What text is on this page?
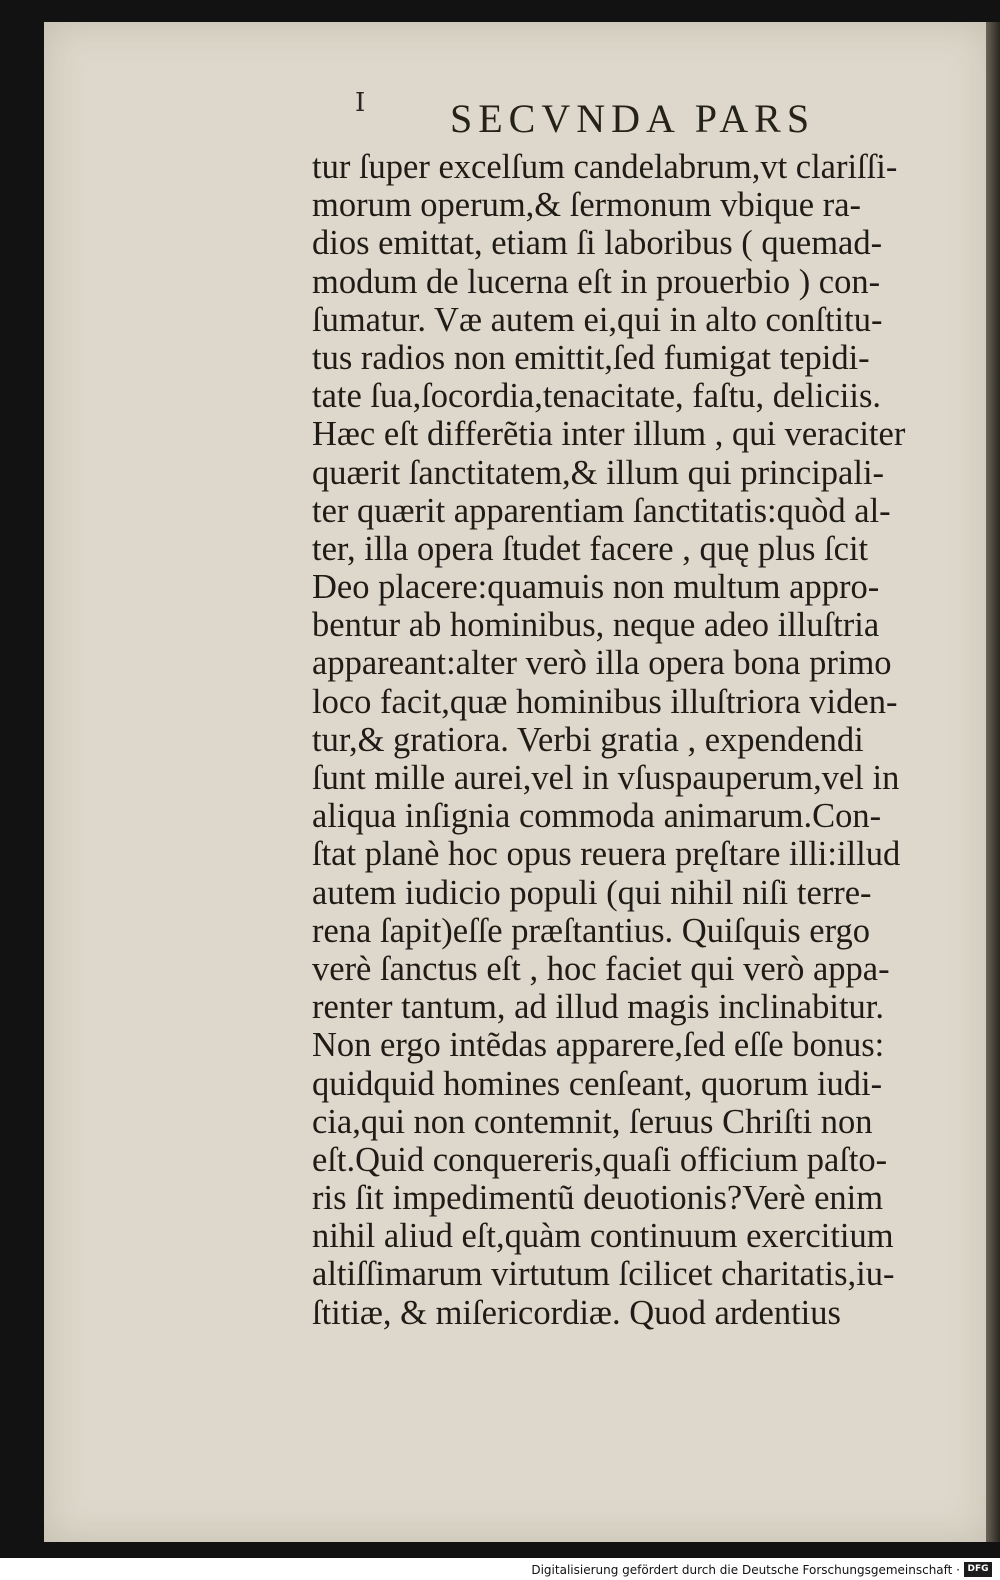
I SECVNDA PARS
tur ſuper excelſum candelabrum,vt clariſſi-
morum operum,& ſermonum vbique ra-
dios emittat, etiam ſi laboribus ( quemad-
modum de lucerna eſt in prouerbio ) con-
ſumatur. Væ autem ei,qui in alto conſtitu-
tus radios non emittit,ſed fumigat tepidi-
tate ſua,ſocordia,tenacitate, faſtu, deliciis.
Hæc eſt differẽtia inter illum , qui veraciter
quærit ſanctitatem,& illum qui principali-
ter quærit apparentiam ſanctitatis:quòd al-
ter, illa opera ſtudet facere , quę plus ſcit
Deo placere:quamuis non multum appro-
bentur ab hominibus, neque adeo illuſtria
appareant:alter verò illa opera bona primo
loco facit,quæ hominibus illuſtriora viden-
tur,& gratiora. Verbi gratia , expendendi
ſunt mille aurei,vel in vſuspauperum,vel in
aliqua inſignia commoda animarum.Con-
ſtat planè hoc opus reuera pręſtare illi:illud
autem iudicio populi (qui nihil niſi terre-
rena ſapit)eſſe præſtantius. Quiſquis ergo
verè ſanctus eſt , hoc faciet qui verò appa-
renter tantum, ad illud magis inclinabitur.
Non ergo intẽdas apparere,ſed eſſe bonus:
quidquid homines cenſeant, quorum iudi-
cia,qui non contemnit, ſeruus Chriſti non
eſt.Quid conquereris,quaſi officium paſto-
ris ſit impedimentũ deuotionis?Verè enim
nihil aliud eſt,quàm continuum exercitium
altiſſimarum virtutum ſcilicet charitatis,iu-
ſtitiæ, & miſericordiæ. Quod ardentius
Digitalisierung gefördert durch die Deutsche Forschungsgemeinschaft · DFG
